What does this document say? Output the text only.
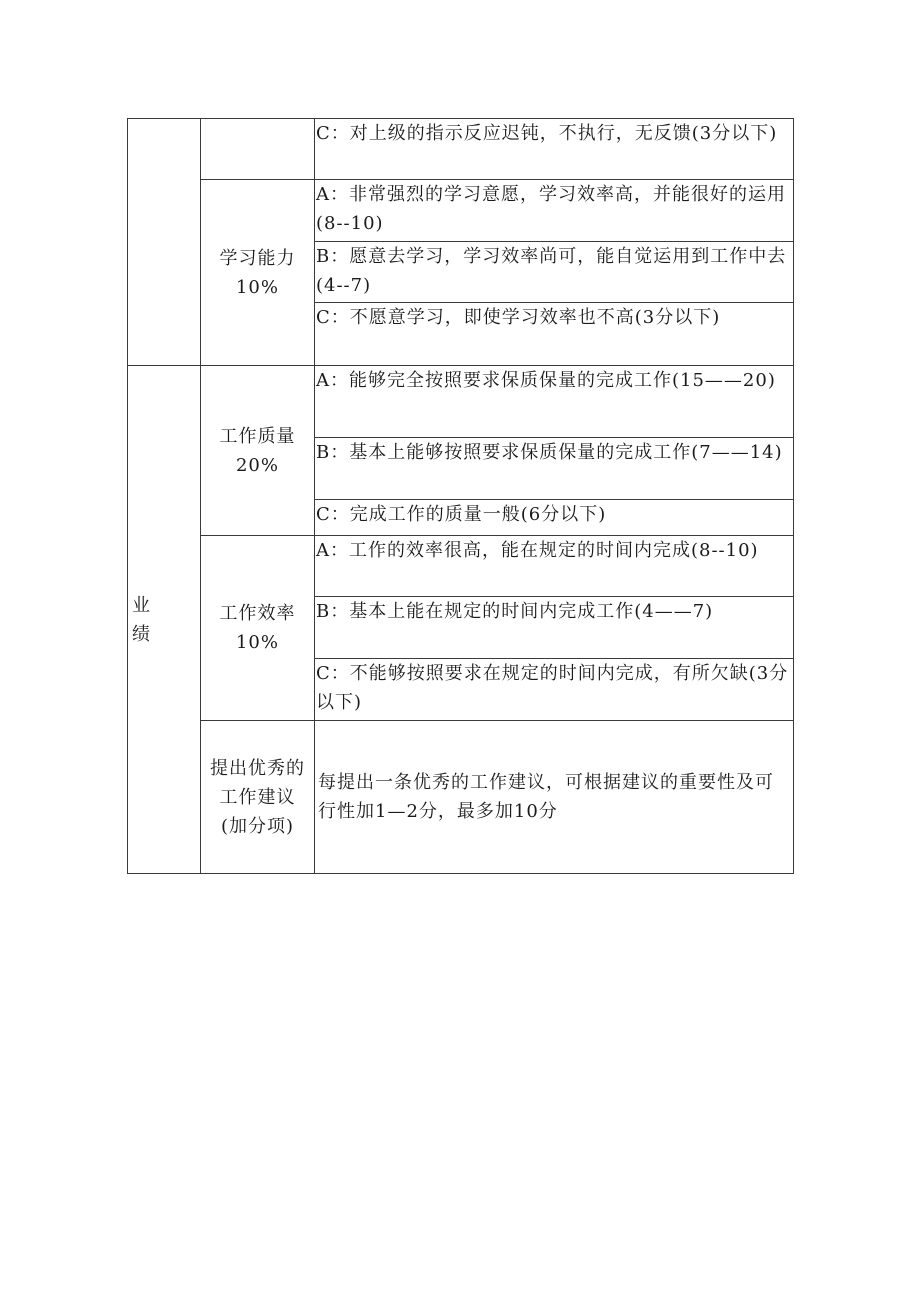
		C：对上级的指示反应迟钝，不执行，无反馈(3分以下)

	学习能力10%	A：非常强烈的学习意愿，学习效率高，并能很好的运用(8--10)

		B：愿意去学习，学习效率尚可，能自觉运用到工作中去(4--7)

		C：不愿意学习，即使学习效率也不高(3分以下)

业绩	工作质量20%	A：能够完全按照要求保质保量的完成工作(15——20)

		B：基本上能够按照要求保质保量的完成工作(7——14)

		C：完成工作的质量一般(6分以下)

	工作效率10%	A：工作的效率很高，能在规定的时间内完成(8--10)

		B：基本上能在规定的时间内完成工作(4——7)

		C：不能够按照要求在规定的时间内完成，有所欠缺(3分以下)

	提出优秀的工作建议(加分项)	每提出一条优秀的工作建议，可根据建议的重要性及可行性加1—2分，最多加10分
